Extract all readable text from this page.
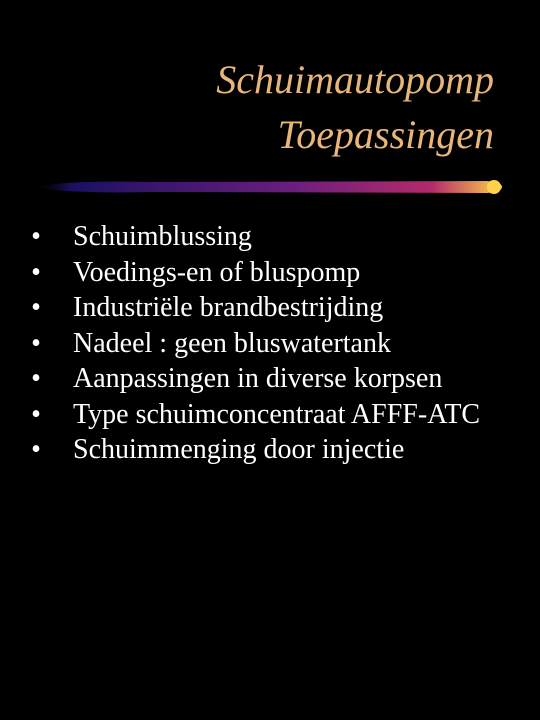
Schuimautopomp
Toepassingen
• Schuimblussing
• Voedings-en of bluspomp
• Industriële brandbestrijding
• Nadeel : geen bluswatertank
• Aanpassingen in diverse korpsen
• Type schuimconcentraat AFFF-ATC
• Schuimmenging door injectie
